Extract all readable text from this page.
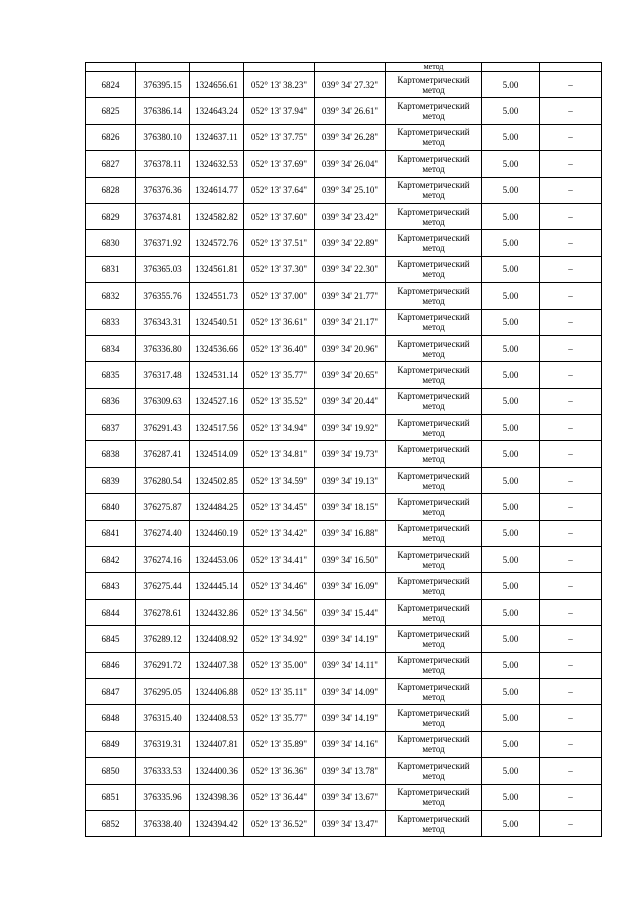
					метод		
6824	376395.15	1324656.61	052° 13' 38.23"	039° 34' 27.32"	Картометрический
метод	5.00	–
6825	376386.14	1324643.24	052° 13' 37.94"	039° 34' 26.61"	Картометрический
метод	5.00	–
6826	376380.10	1324637.11	052° 13' 37.75"	039° 34' 26.28"	Картометрический
метод	5.00	–
6827	376378.11	1324632.53	052° 13' 37.69"	039° 34' 26.04"	Картометрический
метод	5.00	–
6828	376376.36	1324614.77	052° 13' 37.64"	039° 34' 25.10"	Картометрический
метод	5.00	–
6829	376374.81	1324582.82	052° 13' 37.60"	039° 34' 23.42"	Картометрический
метод	5.00	–
6830	376371.92	1324572.76	052° 13' 37.51"	039° 34' 22.89"	Картометрический
метод	5.00	–
6831	376365.03	1324561.81	052° 13' 37.30"	039° 34' 22.30"	Картометрический
метод	5.00	–
6832	376355.76	1324551.73	052° 13' 37.00"	039° 34' 21.77"	Картометрический
метод	5.00	–
6833	376343.31	1324540.51	052° 13' 36.61"	039° 34' 21.17"	Картометрический
метод	5.00	–
6834	376336.80	1324536.66	052° 13' 36.40"	039° 34' 20.96"	Картометрический
метод	5.00	–
6835	376317.48	1324531.14	052° 13' 35.77"	039° 34' 20.65"	Картометрический
метод	5.00	–
6836	376309.63	1324527.16	052° 13' 35.52"	039° 34' 20.44"	Картометрический
метод	5.00	–
6837	376291.43	1324517.56	052° 13' 34.94"	039° 34' 19.92"	Картометрический
метод	5.00	–
6838	376287.41	1324514.09	052° 13' 34.81"	039° 34' 19.73"	Картометрический
метод	5.00	–
6839	376280.54	1324502.85	052° 13' 34.59"	039° 34' 19.13"	Картометрический
метод	5.00	–
6840	376275.87	1324484.25	052° 13' 34.45"	039° 34' 18.15"	Картометрический
метод	5.00	–
6841	376274.40	1324460.19	052° 13' 34.42"	039° 34' 16.88"	Картометрический
метод	5.00	–
6842	376274.16	1324453.06	052° 13' 34.41"	039° 34' 16.50"	Картометрический
метод	5.00	–
6843	376275.44	1324445.14	052° 13' 34.46"	039° 34' 16.09"	Картометрический
метод	5.00	–
6844	376278.61	1324432.86	052° 13' 34.56"	039° 34' 15.44"	Картометрический
метод	5.00	–
6845	376289.12	1324408.92	052° 13' 34.92"	039° 34' 14.19"	Картометрический
метод	5.00	–
6846	376291.72	1324407.38	052° 13' 35.00"	039° 34' 14.11"	Картометрический
метод	5.00	–
6847	376295.05	1324406.88	052° 13' 35.11"	039° 34' 14.09"	Картометрический
метод	5.00	–
6848	376315.40	1324408.53	052° 13' 35.77"	039° 34' 14.19"	Картометрический
метод	5.00	–
6849	376319.31	1324407.81	052° 13' 35.89"	039° 34' 14.16"	Картометрический
метод	5.00	–
6850	376333.53	1324400.36	052° 13' 36.36"	039° 34' 13.78"	Картометрический
метод	5.00	–
6851	376335.96	1324398.36	052° 13' 36.44"	039° 34' 13.67"	Картометрический
метод	5.00	–
6852	376338.40	1324394.42	052° 13' 36.52"	039° 34' 13.47"	Картометрический
метод	5.00	–
